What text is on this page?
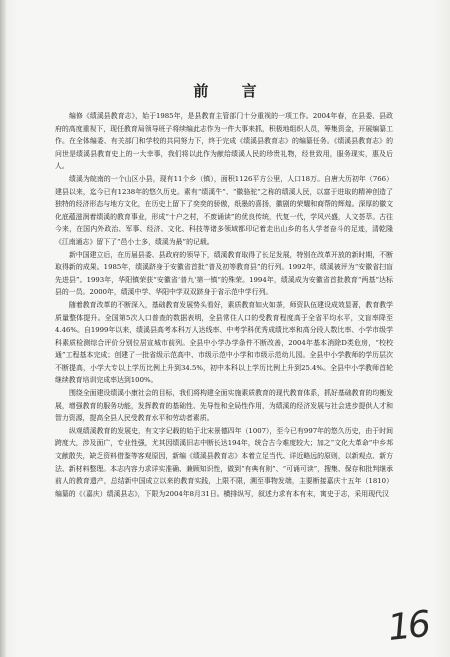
前 言

编修《绩溪县教育志》，始于1985年，是县教育主管部门十分重视的一项工作。2004年春，在县委、县政府的高度重视下，现任教育局领导班子将续编此志作为一件大事来抓，积极地组织人员，筹集资金，开展编纂工作。在全体编委、有关部门和学校的共同努力下，终于完成《绩溪县教育志》的编纂任务。《绩溪县教育志》的问世是绩溪县教育史上的一大幸事，我们将以此作为献给绩溪人民的珍贵礼物，经世致用，服务现实，惠及后人。

绩溪为皖南的一个山区小县，现有11个乡（镇），面积1126平方公里，人口18万。自唐大历初年（766）建县以来，迄今已有1238年的悠久历史。素有“绩溪牛”、“徽骆驼”之称的绩溪人民，以富于进取的精神创造了独特的经济形态与地方文化，在历史上留下了奕奕的骄傲，纸墨的喜扬，徽剧的荣耀和商帮的辉煌。深厚的徽文化底蕴滋润着绩溪的教育事业，形成“十户之村，不废诵读”的优良传统，代复一代，学风兴盛，人文荟萃。古往今来，在国内外政治、军事、经济、文化、科技等诸多领域都印记着走出山乡的名人学者奋斗的足迹，清乾隆《江南通志》留下了“邑小士多，绩溪为最”的记载。

新中国建立后，在历届县委、县政府的领导下，绩溪教育取得了长足发展，特别在改革开放的新时期，不断取得新的成果。1985年，绩溪跻身于安徽省首批“普及初等教育县”的行列。1992年，绩溪被评为“安徽省扫盲先进县”。1993年，华阳镇荣获“安徽省‘普九’第一镇”的殊荣。1994年，绩溪成为安徽省首批教育“两基”达标县的一员。2000年，绩溪中学、华阳中学双双跻身于省示范中学行列。

随着教育改革的不断深入，基础教育发展势头看好，素质教育如火如荼，师资队伍建设成效显著，教育教学质量整体提升。全国第5次人口普查的数据表明，全县常住人口的受教育程度高于全省平均水平，文盲率降至4.46%。自1999年以来，绩溪县高考本科万人达线率、中考学科优秀成绩比率和高分段人数比率、小学市级学科素质检测综合评价分别位居宣城市前列。全县中小学办学条件不断改善，2004年基本消除D类危房，“校校通”工程基本完成；创建了一批省级示范高中、市级示范中小学和市级示范幼儿园。全县中小学教师的学历层次不断提高，小学大专以上学历比例上升到34.5%，初中本科以上学历比例上升到25.4%。全县中小学教师首轮继续教育培训完成率达到100%。

围绕全面建设绩溪小康社会的目标，我们将构建全面实施素质教育的现代教育体系，抓好基础教育的均衡发展，增强教育的服务功能，发挥教育的基础性、先导性和全局性作用，为绩溪的经济发展与社会进步提供人才和智力资源，提高全县人民受教育水平和劳动者素质。

纵观绩溪教育的发展史，有文字记载的始于北宋景德四年（1007），至今已有997年的悠久历史，由于时间跨度大，涉及面广，专业性强，尤其因绩溪旧志中断长达194年，统合古今难度较大；加之“文化大革命”中乡邦文献散失，缺乏资料借鉴等客观原因，新编《绩溪县教育志》本着立足当代、详近略远的原则，以新观点、新方法、新材料整理。本志内容力求详实准确、兼顾知识性，做到“有典有则”、“可诵可读”，搜集、保存和批判继承前人的教育遗产，总结新中国成立以来的教育实践，上限不限，溯至事物发端，主要断接嘉庆十五年（1810）编纂的《（嘉庆）绩溪县志》，下限为2004年8月31日。横排纵写，叙述力求有本有末，寓史于志，采用现代汉

16
